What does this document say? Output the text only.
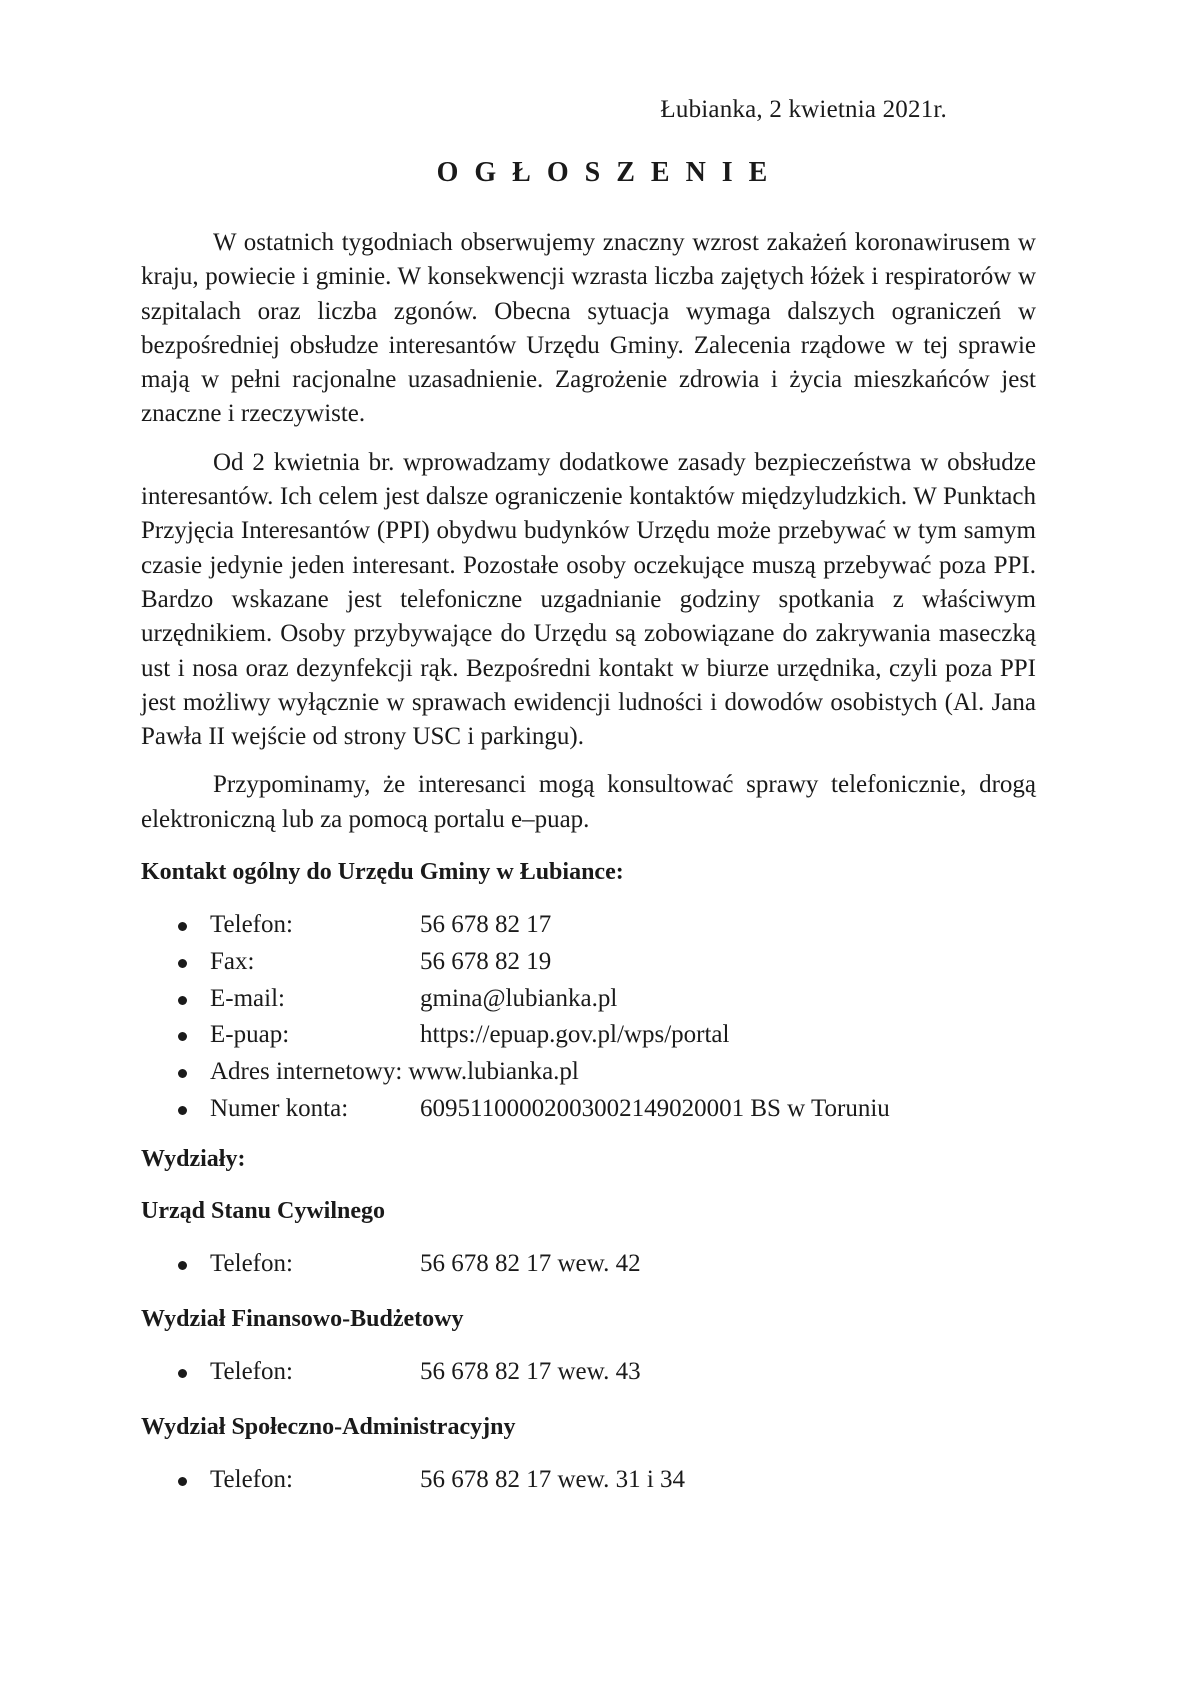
Łubianka, 2 kwietnia 2021r.
OGŁOSZENIE

W ostatnich tygodniach obserwujemy znaczny wzrost zakażeń koronawirusem w kraju, powiecie i gminie. W konsekwencji wzrasta liczba zajętych łóżek i respiratorów w szpitalach oraz liczba zgonów. Obecna sytuacja wymaga dalszych ograniczeń w bezpośredniej obsłudze interesantów Urzędu Gminy. Zalecenia rządowe w tej sprawie mają w pełni racjonalne uzasadnienie. Zagrożenie zdrowia i życia mieszkańców jest znaczne i rzeczywiste.

Od 2 kwietnia br. wprowadzamy dodatkowe zasady bezpieczeństwa w obsłudze interesantów. Ich celem jest dalsze ograniczenie kontaktów międzyludzkich. W Punktach Przyjęcia Interesantów (PPI) obydwu budynków Urzędu może przebywać w tym samym czasie jedynie jeden interesant. Pozostałe osoby oczekujące muszą przebywać poza PPI. Bardzo wskazane jest telefoniczne uzgadnianie godziny spotkania z właściwym urzędnikiem. Osoby przybywające do Urzędu są zobowiązane do zakrywania maseczką ust i nosa oraz dezynfekcji rąk. Bezpośredni kontakt w biurze urzędnika, czyli poza PPI jest możliwy wyłącznie w sprawach ewidencji ludności i dowodów osobistych (Al. Jana Pawła II wejście od strony USC i parkingu).

Przypominamy, że interesanci mogą konsultować sprawy telefonicznie, drogą elektroniczną lub za pomocą portalu e–puap.

Kontakt ogólny do Urzędu Gminy w Łubiance:
Telefon:	56 678 82 17
Fax:	56 678 82 19
E-mail:	gmina@lubianka.pl
E-puap:	https://epuap.gov.pl/wps/portal
Adres internetowy: www.lubianka.pl
Numer konta:	60951100002003002149020001 BS w Toruniu
Wydziały:
Urząd Stanu Cywilnego
Telefon:	56 678 82 17 wew. 42
Wydział Finansowo-Budżetowy
Telefon:	56 678 82 17 wew. 43
Wydział Społeczno-Administracyjny
Telefon:	56 678 82 17 wew. 31 i 34
